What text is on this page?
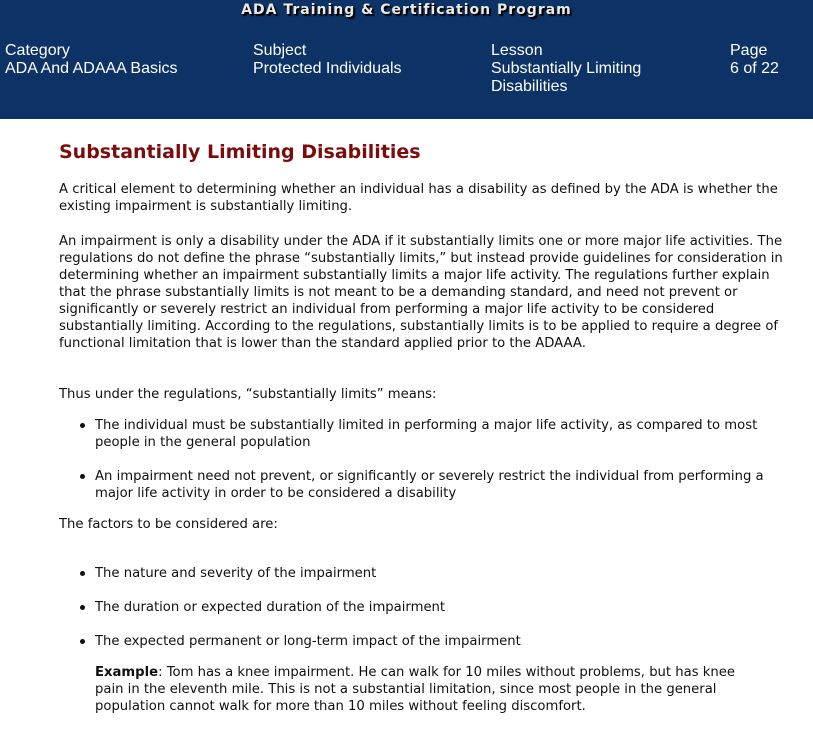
ADA Training & Certification Program
Category
ADA And ADAAA Basics
Subject
Protected Individuals
Lesson
Substantially Limiting Disabilities
Page
6 of 22
Substantially Limiting Disabilities

A critical element to determining whether an individual has a disability as defined by the ADA is whether the existing impairment is substantially limiting.

An impairment is only a disability under the ADA if it substantially limits one or more major life activities. The regulations do not define the phrase “substantially limits,” but instead provide guidelines for consideration in determining whether an impairment substantially limits a major life activity. The regulations further explain that the phrase substantially limits is not meant to be a demanding standard, and need not prevent or significantly or severely restrict an individual from performing a major life activity to be considered substantially limiting. According to the regulations, substantially limits is to be applied to require a degree of functional limitation that is lower than the standard applied prior to the ADAAA.

Thus under the regulations, “substantially limits” means:

The individual must be substantially limited in performing a major life activity, as compared to most people in the general population
An impairment need not prevent, or significantly or severely restrict the individual from performing a major life activity in order to be considered a disability

The factors to be considered are:

The nature and severity of the impairment
The duration or expected duration of the impairment
The expected permanent or long-term impact of the impairment

Example: Tom has a knee impairment. He can walk for 10 miles without problems, but has knee pain in the eleventh mile. This is not a substantial limitation, since most people in the general population cannot walk for more than 10 miles without feeling discomfort.
